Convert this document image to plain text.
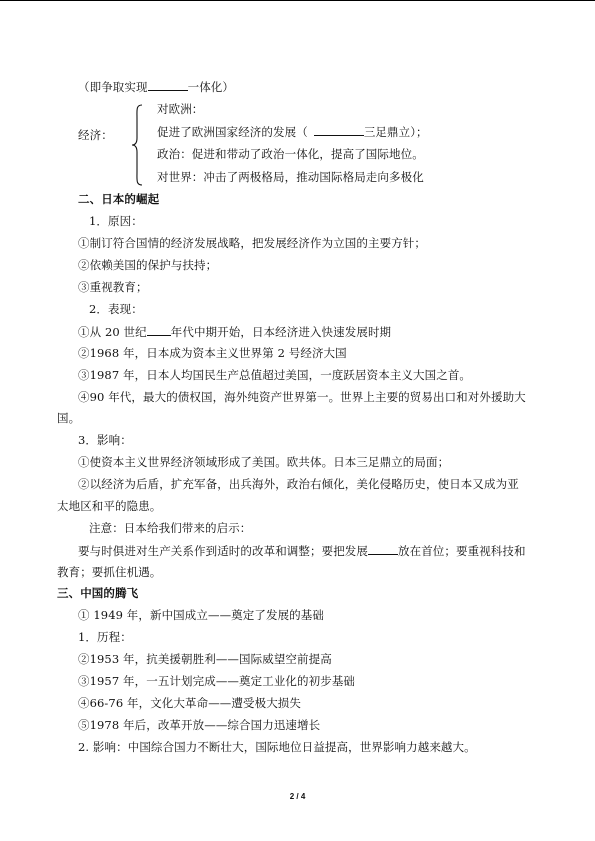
（即争取实现	一体化）
经济：
对欧洲：
促进了欧洲国家经济的发展（	三足鼎立）；
政治：促进和带动了政治一体化，提高了国际地位。
对世界：冲击了两极格局，推动国际格局走向多极化
二、日本的崛起
1．原因：
①制订符合国情的经济发展战略，把发展经济作为立国的主要方针；
②依赖美国的保护与扶持；
③重视教育；
2．表现：
①从 20 世纪 年代中期开始，日本经济进入快速发展时期
②1968 年，日本成为资本主义世界第 2 号经济大国
③1987 年，日本人均国民生产总值超过美国，一度跃居资本主义大国之首。
④90 年代，最大的债权国，海外纯资产世界第一。世界上主要的贸易出口和对外援助大
国。
3．影响：
①使资本主义世界经济领域形成了美国。欧共体。日本三足鼎立的局面；
②以经济为后盾，扩充军备，出兵海外，政治右倾化，美化侵略历史，使日本又成为亚
太地区和平的隐患。
注意：日本给我们带来的启示：
要与时俱进对生产关系作到适时的改革和调整；要把发展	放在首位；要重视科技和
教育；要抓住机遇。
三、中国的腾飞
① 1949 年，新中国成立——奠定了发展的基础
1．历程：
②1953 年，抗美援朝胜利——国际威望空前提高
③1957 年，一五计划完成——奠定工业化的初步基础
④66-76 年，文化大革命——遭受极大损失
⑤1978 年后，改革开放——综合国力迅速增长
2. 影响：中国综合国力不断壮大，国际地位日益提高，世界影响力越来越大。
2 / 4
